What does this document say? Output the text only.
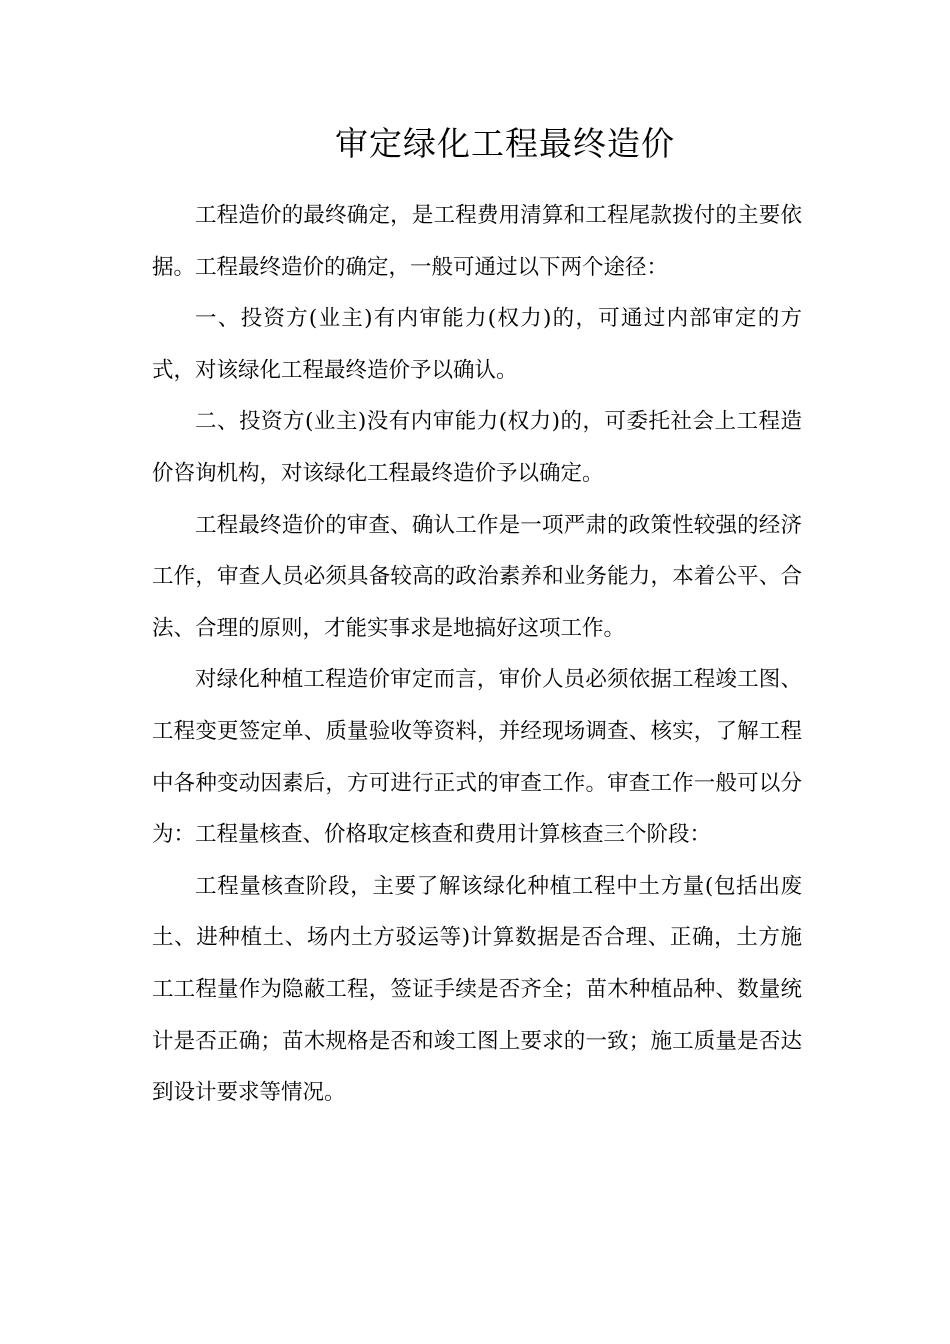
审定绿化工程最终造价

工程造价的最终确定，是工程费用清算和工程尾款拨付的主要依据。工程最终造价的确定，一般可通过以下两个途径：

一、投资方(业主)有内审能力(权力)的，可通过内部审定的方式，对该绿化工程最终造价予以确认。

二、投资方(业主)没有内审能力(权力)的，可委托社会上工程造价咨询机构，对该绿化工程最终造价予以确定。

工程最终造价的审查、确认工作是一项严肃的政策性较强的经济工作，审查人员必须具备较高的政治素养和业务能力，本着公平、合法、合理的原则，才能实事求是地搞好这项工作。

对绿化种植工程造价审定而言，审价人员必须依据工程竣工图、工程变更签定单、质量验收等资料，并经现场调查、核实，了解工程中各种变动因素后，方可进行正式的审查工作。审查工作一般可以分为：工程量核查、价格取定核查和费用计算核查三个阶段：

工程量核查阶段，主要了解该绿化种植工程中土方量(包括出废土、进种植土、场内土方驳运等)计算数据是否合理、正确，土方施工工程量作为隐蔽工程，签证手续是否齐全；苗木种植品种、数量统计是否正确；苗木规格是否和竣工图上要求的一致；施工质量是否达到设计要求等情况。
